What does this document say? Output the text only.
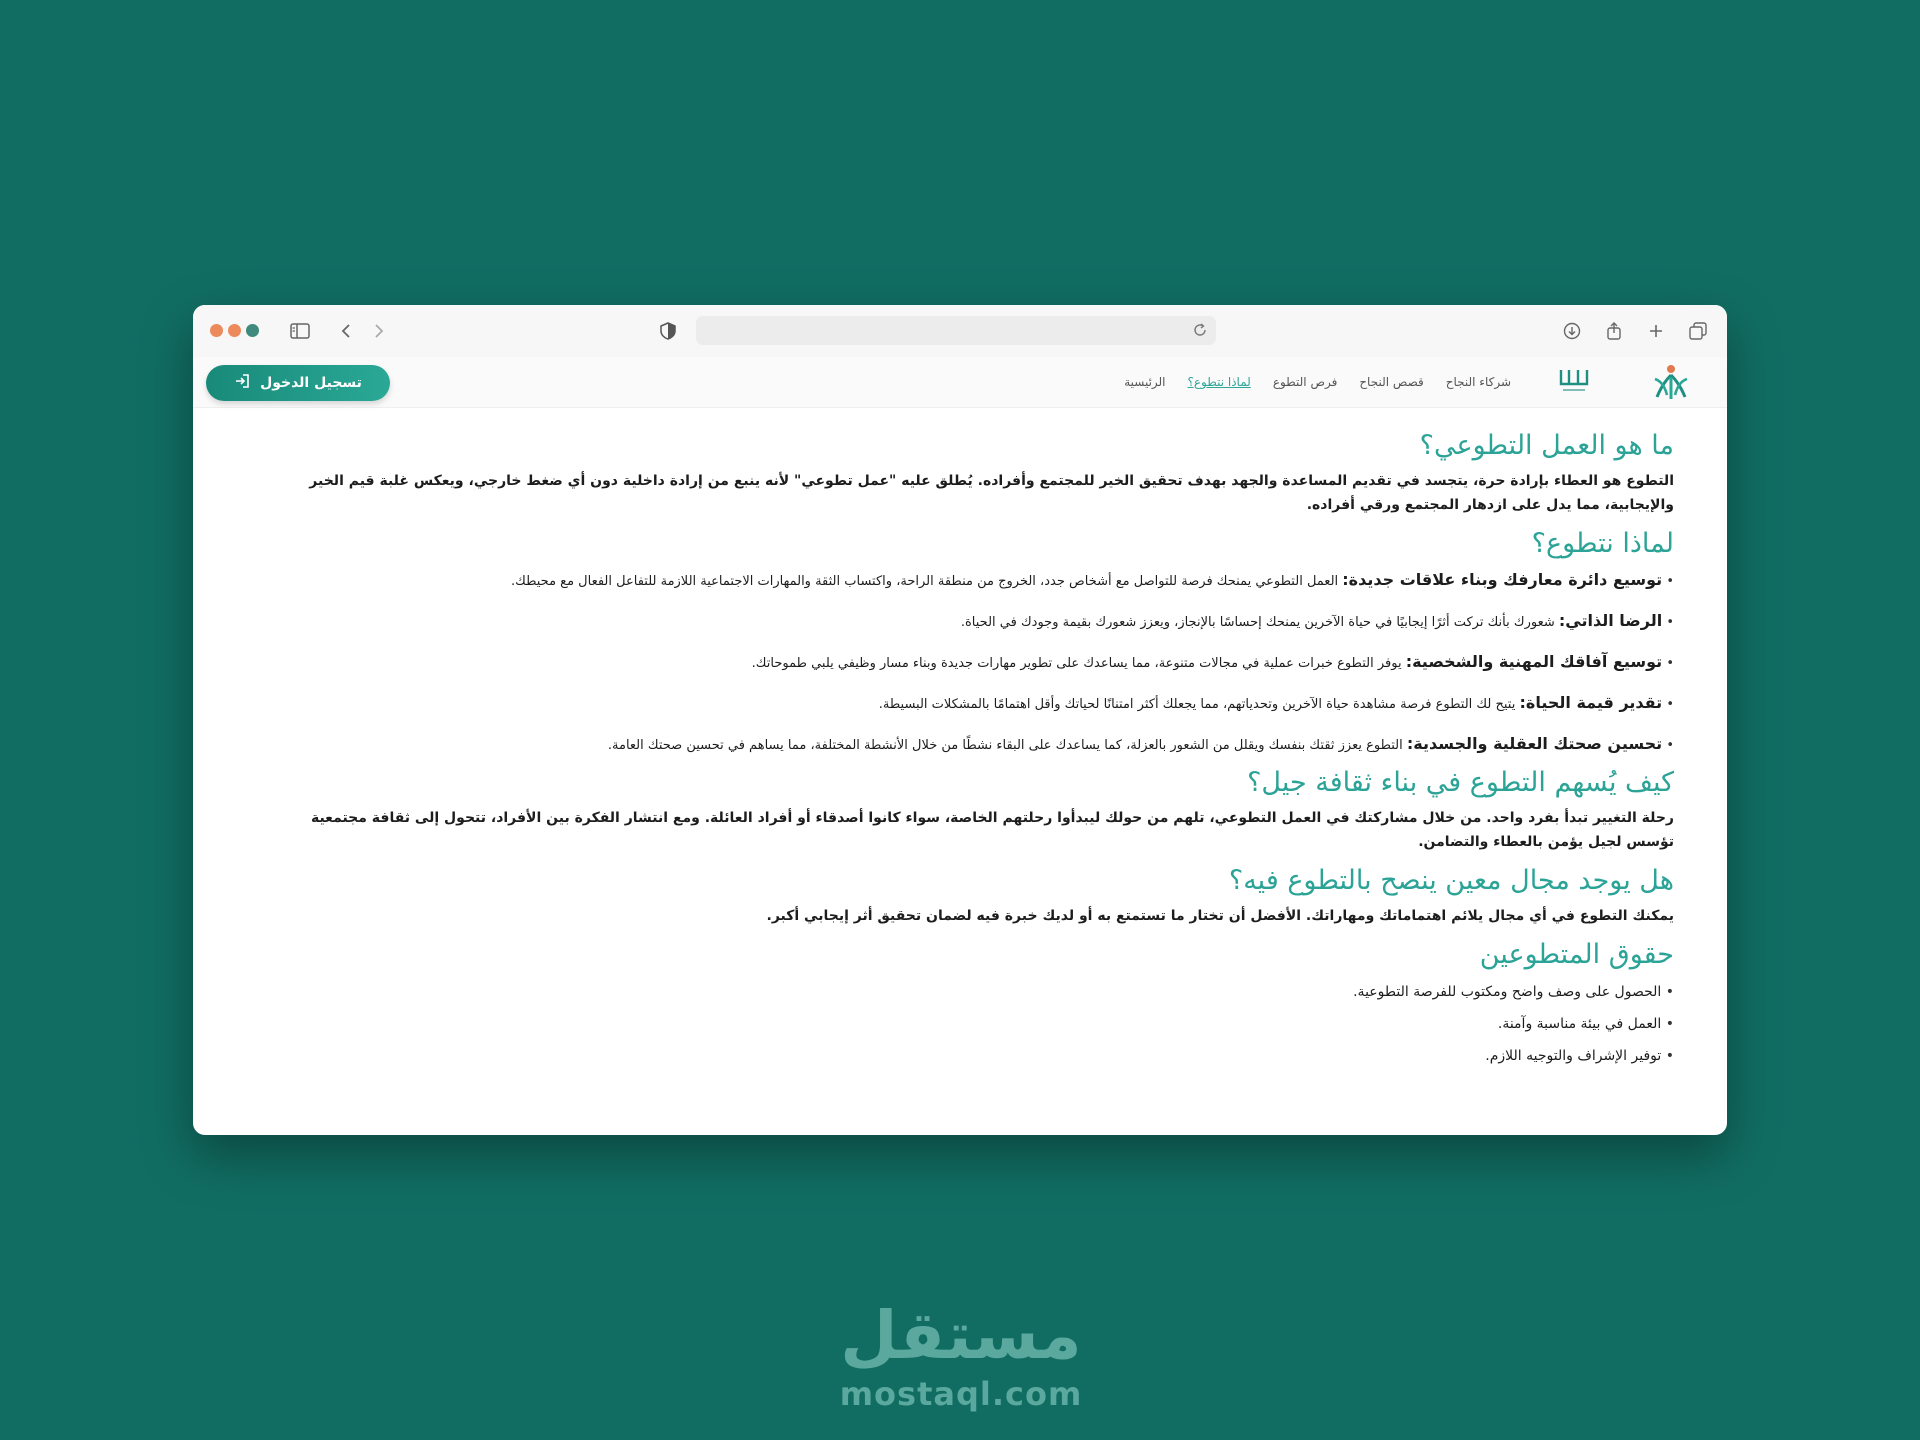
تسجيل الدخول	الرئيسية لماذا نتطوع؟ فرص التطوع قصص النجاح شركاء النجاح
ما هو العمل التطوعي؟

التطوع هو العطاء بإرادة حرة، يتجسد في تقديم المساعدة والجهد بهدف تحقيق الخير للمجتمع وأفراده. يُطلق عليه "عمل تطوعي" لأنه ينبع من إرادة داخلية دون أي ضغط خارجي، ويعكس غلبة قيم الخير والإيجابية، مما يدل على ازدهار المجتمع ورقي أفراده.

لماذا نتطوع؟
• توسيع دائرة معارفك وبناء علاقات جديدة: العمل التطوعي يمنحك فرصة للتواصل مع أشخاص جدد، الخروج من منطقة الراحة، واكتساب الثقة والمهارات الاجتماعية اللازمة للتفاعل الفعال مع محيطك.
• الرضا الذاتي: شعورك بأنك تركت أثرًا إيجابيًا في حياة الآخرين يمنحك إحساسًا بالإنجاز، ويعزز شعورك بقيمة وجودك في الحياة.
• توسيع آفاقك المهنية والشخصية: يوفر التطوع خبرات عملية في مجالات متنوعة، مما يساعدك على تطوير مهارات جديدة وبناء مسار وظيفي يلبي طموحاتك.
• تقدير قيمة الحياة: يتيح لك التطوع فرصة مشاهدة حياة الآخرين وتحدياتهم، مما يجعلك أكثر امتنانًا لحياتك وأقل اهتمامًا بالمشكلات البسيطة.
• تحسين صحتك العقلية والجسدية: التطوع يعزز ثقتك بنفسك ويقلل من الشعور بالعزلة، كما يساعدك على البقاء نشطًا من خلال الأنشطة المختلفة، مما يساهم في تحسين صحتك العامة.
كيف يُسهم التطوع في بناء ثقافة جيل؟

رحلة التغيير تبدأ بفرد واحد. من خلال مشاركتك في العمل التطوعي، تلهم من حولك ليبدأوا رحلتهم الخاصة، سواء كانوا أصدقاء أو أفراد العائلة. ومع انتشار الفكرة بين الأفراد، تتحول إلى ثقافة مجتمعية تؤسس لجيل يؤمن بالعطاء والتضامن.

هل يوجد مجال معين ينصح بالتطوع فيه؟

يمكنك التطوع في أي مجال يلائم اهتماماتك ومهاراتك. الأفضل أن تختار ما تستمتع به أو لديك خبرة فيه لضمان تحقيق أثر إيجابي أكبر.

حقوق المتطوعين
• الحصول على وصف واضح ومكتوب للفرصة التطوعية.
• العمل في بيئة مناسبة وآمنة.
• توفير الإشراف والتوجيه اللازم.
مستقل
mostaql.com
